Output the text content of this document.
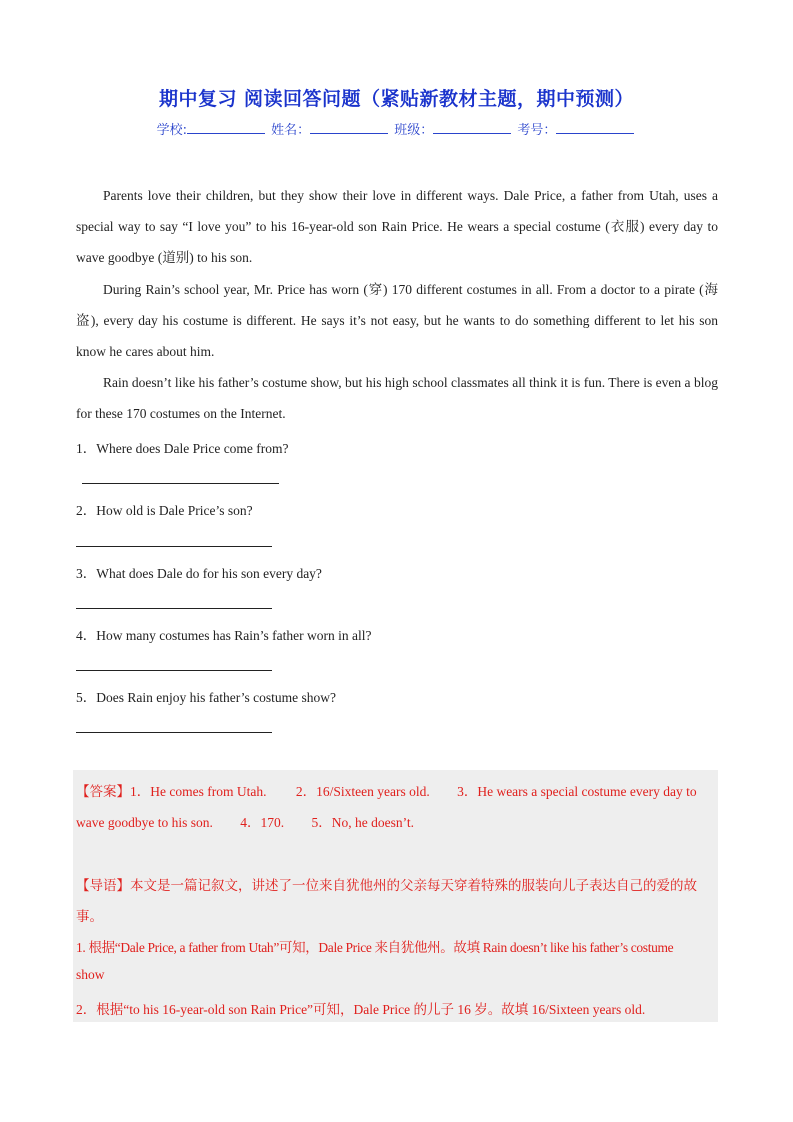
期中复习 阅读回答问题（紧贴新教材主题，期中预测）
学校:	姓名：	班级：	考号：
Parents love their children, but they show their love in different ways. Dale Price, a father from Utah, uses a special way to say “I love you” to his 16-year-old son Rain Price. He wears a special costume (衣服) every day to wave goodbye (道别) to his son.
During Rain’s school year, Mr. Price has worn (穿) 170 different costumes in all. From a doctor to a pirate (海盗), every day his costume is different. He says it’s not easy, but he wants to do something different to let his son know he cares about him.
Rain doesn’t like his father’s costume show, but his high school classmates all think it is fun. There is even a blog for these 170 costumes on the Internet.
1．Where does Dale Price come from?
2．How old is Dale Price’s son?
3．What does Dale do for his son every day?
4．How many costumes has Rain’s father worn in all?
5．Does Rain enjoy his father’s costume show?
【答案】1．He comes from Utah. 2．16/Sixteen years old. 3．He wears a special costume every day to
wave goodbye to his son. 4．170. 5．No, he doesn’t.
【导语】本文是一篇记叙文，讲述了一位来自犹他州的父亲每天穿着特殊的服装向儿子表达自己的爱的故
事。
1. 根据“Dale Price, a father from Utah”可知，Dale Price 来自犹他州。故填 Rain doesn’t like his father’s costume
show
2．根据“to his 16-year-old son Rain Price”可知，Dale Price 的儿子 16 岁。故填 16/Sixteen years old.
